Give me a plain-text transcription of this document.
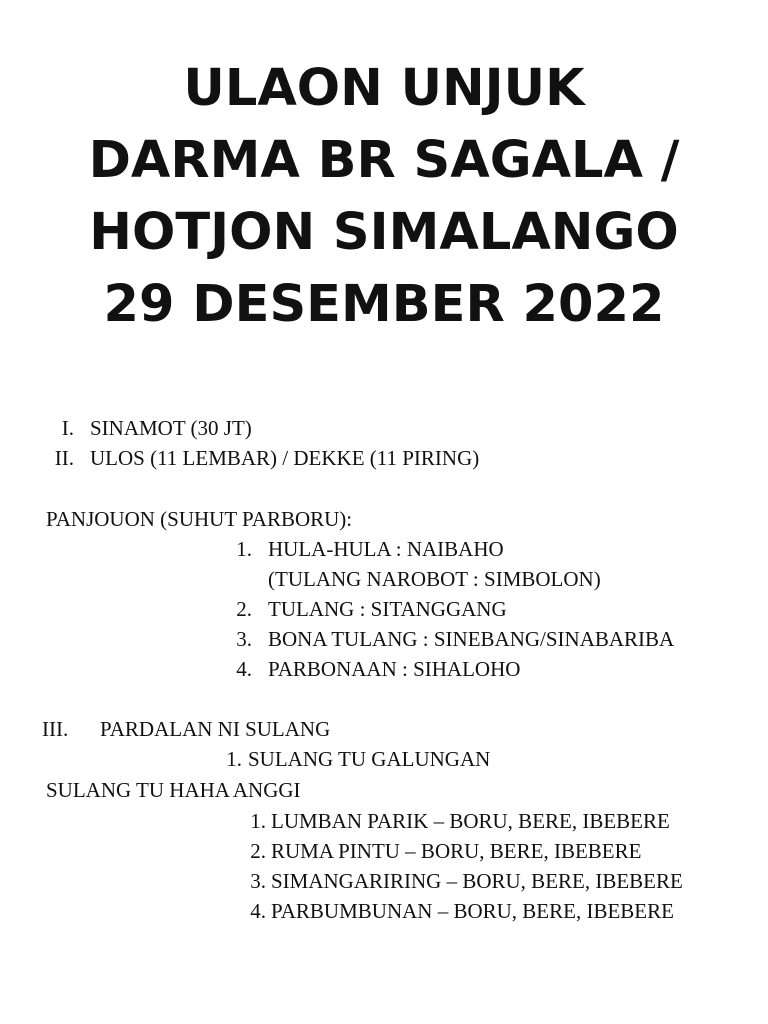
ULAON UNJUK
DARMA BR SAGALA /
HOTJON SIMALANGO
29 DESEMBER 2022
I. SINAMOT (30 JT)
II. ULOS (11 LEMBAR) / DEKKE (11 PIRING)
PANJOUON (SUHUT PARBORU):
1. HULA-HULA : NAIBAHO
(TULANG NAROBOT : SIMBOLON)
2. TULANG : SITANGGANG
3. BONA TULANG : SINEBANG/SINABARIBA
4. PARBONAAN : SIHALOHO
III.	PARDALAN NI SULANG
1. SULANG TU GALUNGAN
SULANG TU HAHA ANGGI
1. LUMBAN PARIK – BORU, BERE, IBEBERE
2. RUMA PINTU – BORU, BERE, IBEBERE
3. SIMANGARIRING – BORU, BERE, IBEBERE
4. PARBUMBUNAN – BORU, BERE, IBEBERE
